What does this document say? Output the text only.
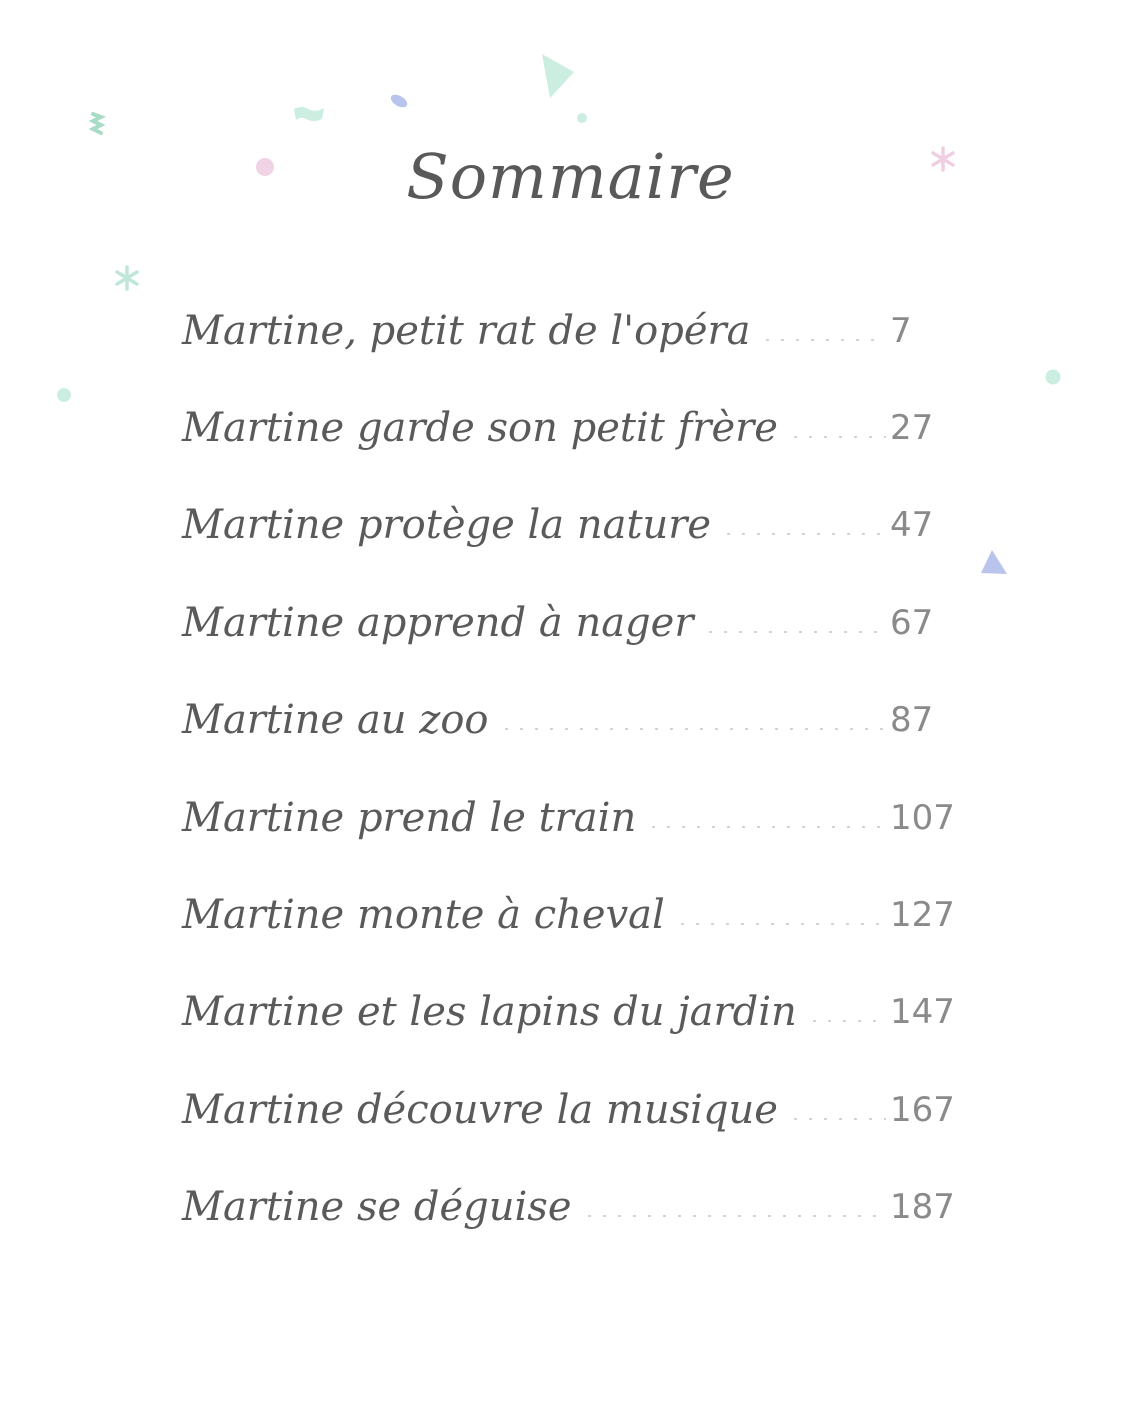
Sommaire
Martine, petit rat de l'opéra	7
Martine garde son petit frère	27
Martine protège la nature	47
Martine apprend à nager	67
Martine au zoo	87
Martine prend le train	107
Martine monte à cheval	127
Martine et les lapins du jardin	147
Martine découvre la musique	167
Martine se déguise	187
